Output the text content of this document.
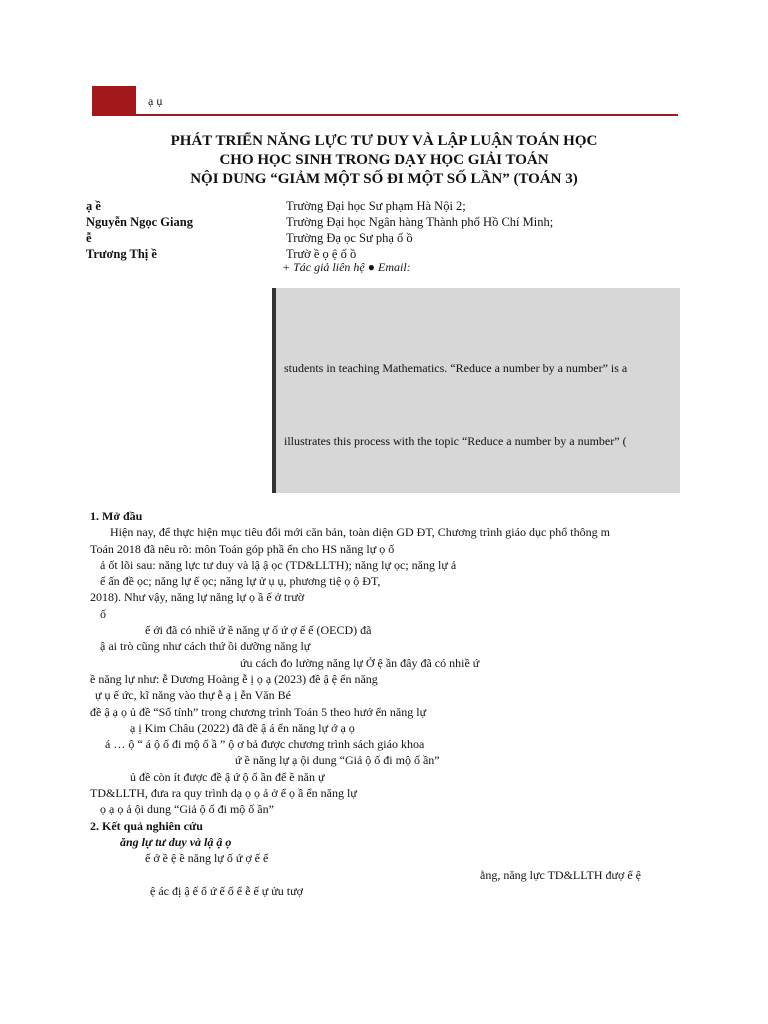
ạ ụ
PHÁT TRIỂN NĂNG LỰC TƯ DUY VÀ LẬP LUẬN TOÁN HỌC
CHO HỌC SINH TRONG DẠY HỌC GIẢI TOÁN
NỘI DUNG “GIẢM MỘT SỐ ĐI MỘT SỐ LẦN” (TOÁN 3)
ạ ề	Trường Đại học Sư phạm Hà Nội 2;
Nguyễn Ngọc Giang	Trường Đại học Ngân hàng Thành phố Hồ Chí Minh;
ễ	Trường Đạ ọc Sư phạ ố ồ
Trương Thị ề	Trườ ề ọ ệ ố ồ
+ Tác giả liên hệ ● Email:
students in teaching Mathematics. “Reduce a number by a number” is a
illustrates this process with the topic “Reduce a number by a number” (
1. Mở đầu
Hiện nay, để thực hiện mục tiêu đổi mới căn bản, toàn diện GD ĐT, Chương trình giáo dục phổ thông m
Toán 2018 đã nêu rõ: môn Toán góp phầ ển cho HS năng lự ọ ố
ả ốt lõi sau: năng lực tư duy và lậ ậ ọc (TD&LLTH); năng lự ọc; năng lự ả
ế ấn đề ọc; năng lự ế ọc; năng lự ử ụ ụ, phương tiệ ọ ộ ĐT,
2018). Như vậy, năng lự năng lự ọ ầ ế ở trườ
ố
ế ới đã có nhiề ứ ề năng ự ố ứ ợ ế ế (OECD) đã
ậ ai trò cũng như cách thứ ồi dưỡng năng lự
ứu cách đo lường năng lự Ở ệ ần đây đã có nhiề ứ
ề năng lự như: ễ Dương Hoàng ễ ị ọ ạ (2023) đề ậ ệ ển năng
ự ụ ế ức, kĩ năng vào thự ễ ạ ị ễn Văn Bé
đề ậ ạ ọ ủ đề “Số tính” trong chương trình Toán 5 theo hướ ển năng lự
ạ ị Kim Châu (2022) đã đề ậ á ển năng lự ớ ạ ọ
á … ộ “ á ộ ố đi mộ ố ầ ” ộ ơ bả được chương trình sách giáo khoa
ứ ề năng lự ạ ội dung “Giả ộ ố đi mộ ố ần”
ủ đề còn ít được đề ậ ứ ộ ố ần để ề năn ự
TD&LLTH, đưa ra quy trình dạ ọ ọ ả ở ể ọ ầ ển năng lự
ọ ạ ọ ả ội dung “Giả ộ ố đi mộ ố ần”
2. Kết quả nghiên cứu
ăng lự tư duy và lậ ậ ọ
ế ớ ề ệ ề năng lự ố ứ ợ ế ế
ằng, năng lực TD&LLTH đượ ể ệ
ệ ác đị ậ ế ố ứ ế ố ể ễ ế ự ửu tượ
